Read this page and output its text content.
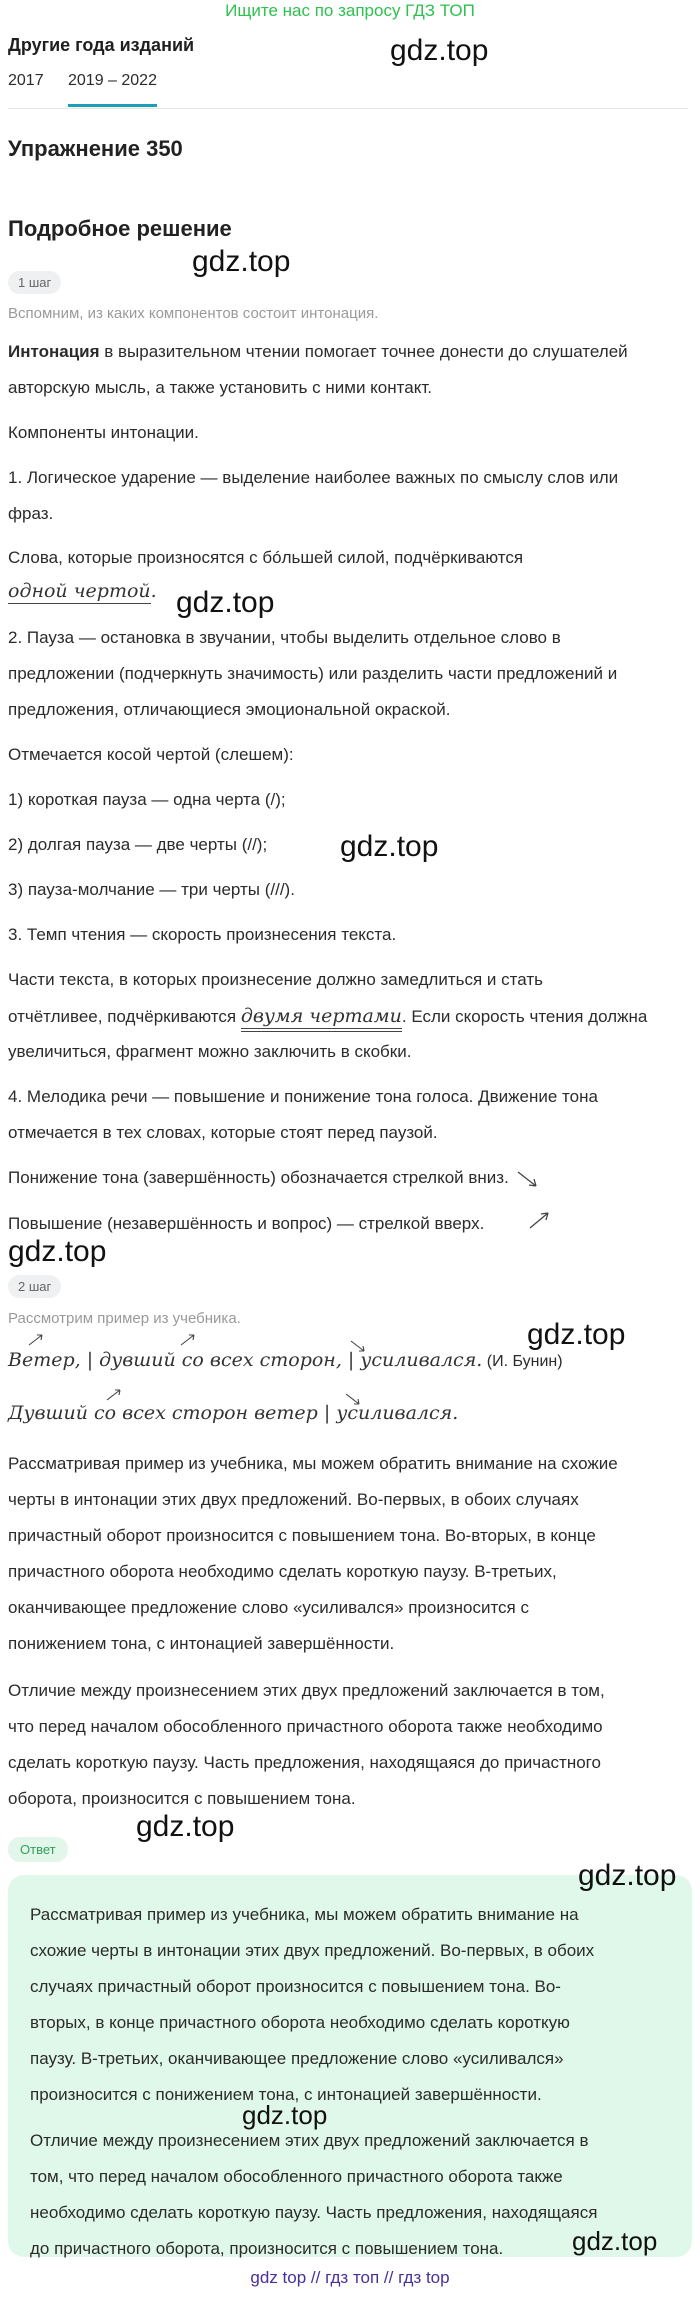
Ищите нас по запросу ГДЗ ТОП
Другие года изданий
2017 2019 – 2022
gdz.top
Упражнение 350
Подробное решение
gdz.top
1 шаг
Вспомним, из каких компонентов состоит интонация.
Интонация в выразительном чтении помогает точнее донести до слушателей
авторскую мысль, а также установить с ними контакт.
Компоненты интонации.
1. Логическое ударение — выделение наиболее важных по смыслу слов или
фраз.
Слова, которые произносятся с бóльшей силой, подчёркиваются
одной чертой. gdz.top
2. Пауза — остановка в звучании, чтобы выделить отдельное слово в
предложении (подчеркнуть значимость) или разделить части предложений и
предложения, отличающиеся эмоциональной окраской.
Отмечается косой чертой (слешем):
1) короткая пауза — одна черта (/);
2) долгая пауза — две черты (//);	gdz.top
3) пауза-молчание — три черты (///).
3. Темп чтения — скорость произнесения текста.
Части текста, в которых произнесение должно замедлиться и стать
отчётливее, подчёркиваются двумя чертами. Если скорость чтения должна
увеличиться, фрагмент можно заключить в скобки.
4. Мелодика речи — повышение и понижение тона голоса. Движение тона
отмечается в тех словах, которые стоят перед паузой.
Понижение тона (завершённость) обозначается стрелкой вниз.
Повышение (незавершённость и вопрос) — стрелкой вверх.
gdz.top
2 шаг
Рассмотрим пример из учебника.
Ветер, | дувший со всех сторон, | усиливался. (И. Бунин)
gdz.top
Дувший со всех сторон ветер | усиливался.
Рассматривая пример из учебника, мы можем обратить внимание на схожие
черты в интонации этих двух предложений. Во-первых, в обоих случаях
причастный оборот произносится с повышением тона. Во-вторых, в конце
причастного оборота необходимо сделать короткую паузу. В-третьих,
оканчивающее предложение слово «усиливался» произносится с
понижением тона, с интонацией завершённости.
Отличие между произнесением этих двух предложений заключается в том,
что перед началом обособленного причастного оборота также необходимо
сделать короткую паузу. Часть предложения, находящаяся до причастного
оборота, произносится с повышением тона.
gdz.top
Ответ
gdz.top
Рассматривая пример из учебника, мы можем обратить внимание на
схожие черты в интонации этих двух предложений. Во-первых, в обоих
случаях причастный оборот произносится с повышением тона. Во-
вторых, в конце причастного оборота необходимо сделать короткую
паузу. В-третьих, оканчивающее предложение слово «усиливался»
произносится с понижением тона, с интонацией завершённости.
gdz.top
Отличие между произнесением этих двух предложений заключается в
том, что перед началом обособленного причастного оборота также
необходимо сделать короткую паузу. Часть предложения, находящаяся
до причастного оборота, произносится с повышением тона.	gdz.top
gdz top // гдз топ // гдз top
